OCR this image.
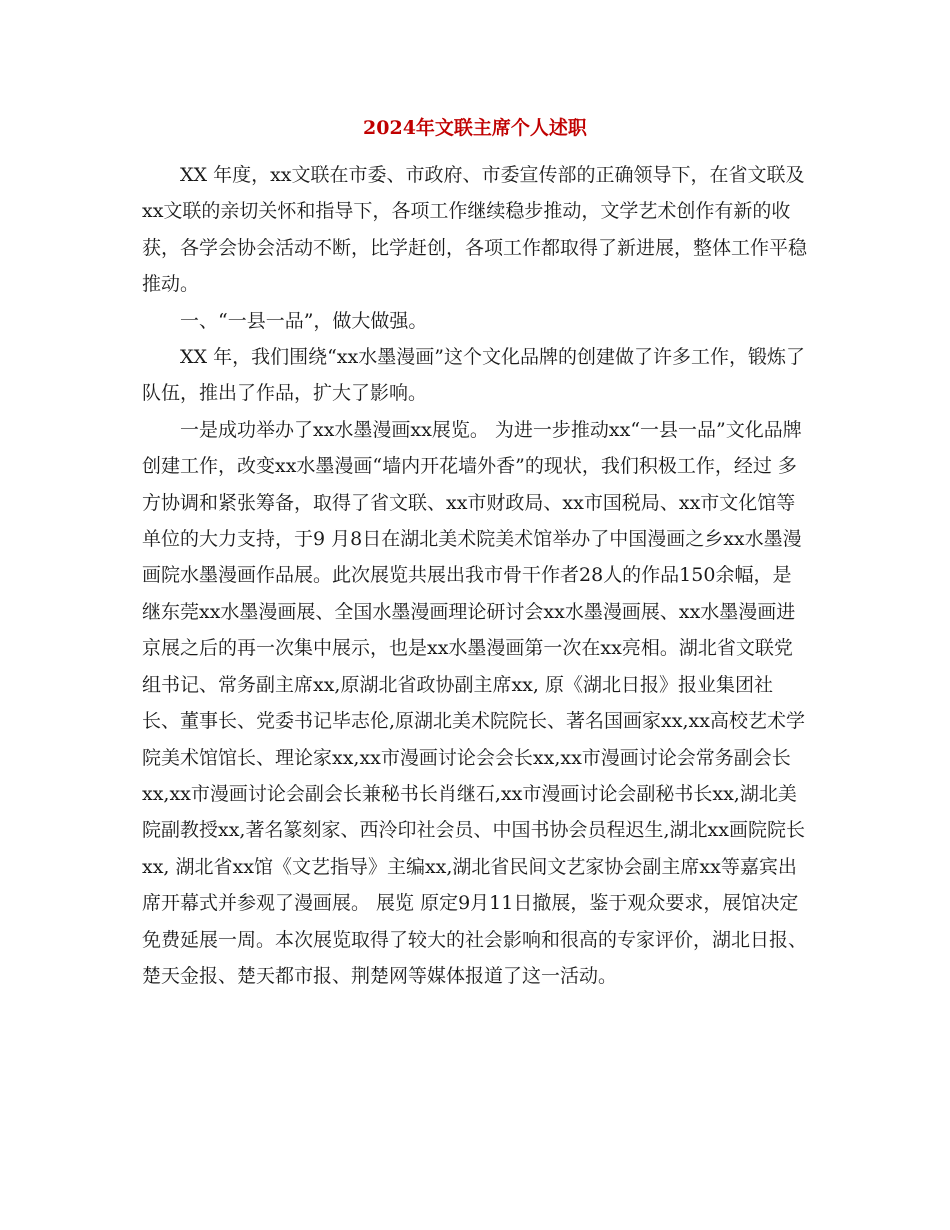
2024年文联主席个人述职

XX 年度，xx文联在市委、市政府、市委宣传部的正确领导下，在省文联及xx文联的亲切关怀和指导下，各项工作继续稳步推动，文学艺术创作有新的收获，各学会协会活动不断，比学赶创，各项工作都取得了新进展，整体工作平稳推动。

一、“一县一品”，做大做强。

XX 年，我们围绕“xx水墨漫画”这个文化品牌的创建做了许多工作，锻炼了队伍，推出了作品，扩大了影响。

一是成功举办了xx水墨漫画xx展览。 为进一步推动xx“一县一品”文化品牌创建工作，改变xx水墨漫画“墙内开花墙外香”的现状，我们积极工作，经过 多方协调和紧张筹备，取得了省文联、xx市财政局、xx市国税局、xx市文化馆等单位的大力支持，于9 月8日在湖北美术院美术馆举办了中国漫画之乡xx水墨漫画院水墨漫画作品展。此次展览共展出我市骨干作者28人的作品150余幅，是继东莞xx水墨漫画展、全国水墨漫画理论研讨会xx水墨漫画展、xx水墨漫画进京展之后的再一次集中展示，也是xx水墨漫画第一次在xx亮相。湖北省文联党组书记、常务副主席xx,原湖北省政协副主席xx, 原《湖北日报》报业集团社长、董事长、党委书记毕志伦,原湖北美术院院长、著名国画家xx,xx高校艺术学院美术馆馆长、理论家xx,xx市漫画讨论会会长xx,xx市漫画讨论会常务副会长xx,xx市漫画讨论会副会长兼秘书长肖继石,xx市漫画讨论会副秘书长xx,湖北美院副教授xx,著名篆刻家、西泠印社会员、中国书协会员程迟生,湖北xx画院院长xx, 湖北省xx馆《文艺指导》主编xx,湖北省民间文艺家协会副主席xx等嘉宾出席开幕式并参观了漫画展。 展览 原定9月11日撤展，鉴于观众要求，展馆决定免费延展一周。本次展览取得了较大的社会影响和很高的专家评价，湖北日报、楚天金报、楚天都市报、荆楚网等媒体报道了这一活动。
